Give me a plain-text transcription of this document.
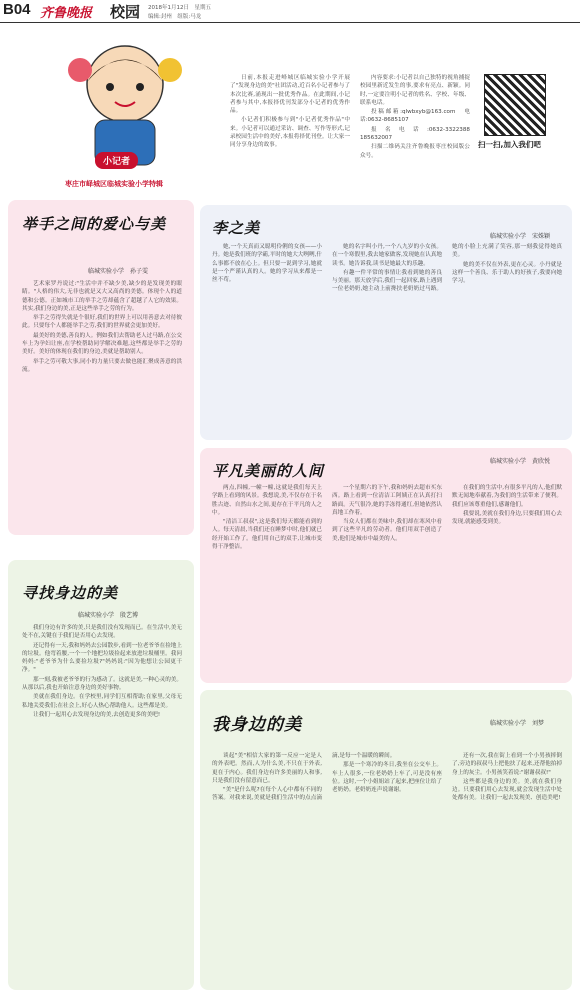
B04 齐鲁晚报 校园 2018年1月12日　星期五
编辑:封州　组版:马龙
小记者
枣庄市峄城区临城实验小学特辑

日前,本报走进峄城区临城实验小学开展了"发现身边的美"社团活动,近百名小记者参与了本次比赛,涌现出一批优秀作品。在此期间,小记者参与其中,本报择优刊发部分小记者的优秀作品。

小记者们积极参与到"小记者优秀作品"中来。小记者可以通过采访、调查、写作等形式,记录校园生活中的美好,本报将择优刊登。让大家一同分享身边的故事。

内容要求:小记者以自己独特的视角捕捉校园里新近发生的事,要求有亮点、新颖。同时,一定要注明小记者的姓名、学校、年级、联系电话。

投稿邮箱:qlwbxyb@163.com　电话:0632-8685107

报名电话:0632-3322388　185632007

扫描二维码关注齐鲁晚报枣庄校园版公众号。

扫一扫,加入我们吧
举手之间的爱心与美
临城实验小学　孙子雯

艺术家罗丹说过:"生活中并不缺少美,缺少的是发现美的眼睛。"人格的伟大,无非也就是又大又高尚的美德。体现个人的道德和公德。正如城市工的举手之劳却蕴含了超越了人它的效果。其实,我们身边的美,正是这些举手之劳的行为。

举手之劳得失就是个很好,我们的世界上可以用善意去对待彼此。只要每个人都能举手之劳,我们的世界就会更加美好。

最美好的美德,善良的人。例如我们去帮助老人过马路,在公交车上为孕妇让座,在学校帮助同学解决难题,这些都是举手之劳的美好。美好的体现在我们的身边,美就是帮助别人。

举手之劳可敬大事,同小的力量只要去做也能汇聚成善意的洪流。

李之美	临城实验小学　宋姝颖

她,一个天真而又聪明伶俐的女孩——小丹。她是我们班的学霸,平时的她大大咧咧,什么事都不放在心上。但只要一说到学习,她就是一个严谨认真的人。她的学习从来都是一丝不苟。

她的名字叫小丹,一个八九岁的小女孩。在一个寒假里,我去她家做客,发现她在认真地读书。她告诉我,读书是她最大的乐趣。

有趣一件平常的事情让我看到她的善良与美丽。那天放学后,我们一起回家,路上遇到一位老奶奶,她主动上前搀扶老奶奶过马路。她的小脸上充满了笑容,那一刻我觉得她真美。

她的美不仅在外表,更在心灵。小丹就是这样一个善良、乐于助人的好孩子,我要向她学习。

平凡美丽的人间
临城实验小学　黄欣悦

两点,四幢,一幢一幢,这就是我们每天上学路上看到的风景。我想说,美,不仅存在于名胜古迹、自然山水之间,更存在于平凡的人之中。

"清洁工叔叔",这是我们每天都能看到的人。每天清晨,当我们还在睡梦中时,他们就已经开始工作了。他们用自己的双手,让城市变得干净整洁。

一个星期六的下午,我和妈妈去超市买东西。路上看到一位清洁工阿姨正在认真打扫路面。天气很冷,她的手冻得通红,但她依然认真地工作着。

当众人们都在美味中,我们却在寒风中看到了这些平凡的劳动者。他们用双手创造了美,他们是城市中最美的人。

在我们的生活中,有很多平凡的人,他们默默无闻地奉献着,为我们的生活带来了便利。我们应该尊重他们,感谢他们。

我要说,美就在我们身边,只要我们用心去发现,就能感受到美。

寻找身边的美
临城实验小学　殷艺博

我们身边有许多的美,只是我们没有发现而已。在生活中,美无处不在,关键在于我们是否用心去发现。

还记得有一天,我和妈妈去公园散步,看到一位老爷爷在捡地上的垃圾。他弯着腰,一个一个地把垃圾捡起来放进垃圾桶里。我问妈妈:"老爷爷为什么要捡垃圾?"妈妈说:"因为他想让公园更干净。"

那一刻,我被老爷爷的行为感动了。这就是美,一种心灵的美。从那以后,我也开始注意身边的美好事物。

美就在我们身边。在学校里,同学们互相帮助;在家里,父母无私地关爱我们;在社会上,好心人热心帮助他人。这些都是美。

让我们一起用心去发现身边的美,去创造更多的美吧!

我身边的美	临城实验小学　刘梦

谈起"美"相信大家的第一反应一定是人的外表吧。然而,人为什么美,不只在于外表,更在于内心。我们身边有许多美丽的人和事,只是我们没有留意而已。

"美"是什么呢?在每个人心中都有不同的答案。对我来说,美就是我们生活中的点点滴滴,是每一个温暖的瞬间。

那是一个寒冷的冬日,我坐在公交车上。车上人很多,一位老奶奶上车了,可是没有座位。这时,一个小姐姐站了起来,把座位让给了老奶奶。老奶奶连声说谢谢。

还有一次,我在街上看到一个小男孩摔倒了,旁边的叔叔马上把他扶了起来,还帮他拍掉身上的灰尘。小男孩笑着说:"谢谢叔叔!"

这些都是我身边的美。美,就在我们身边。只要我们用心去发现,就会发现生活中处处都有美。让我们一起去发现美、创造美吧!
